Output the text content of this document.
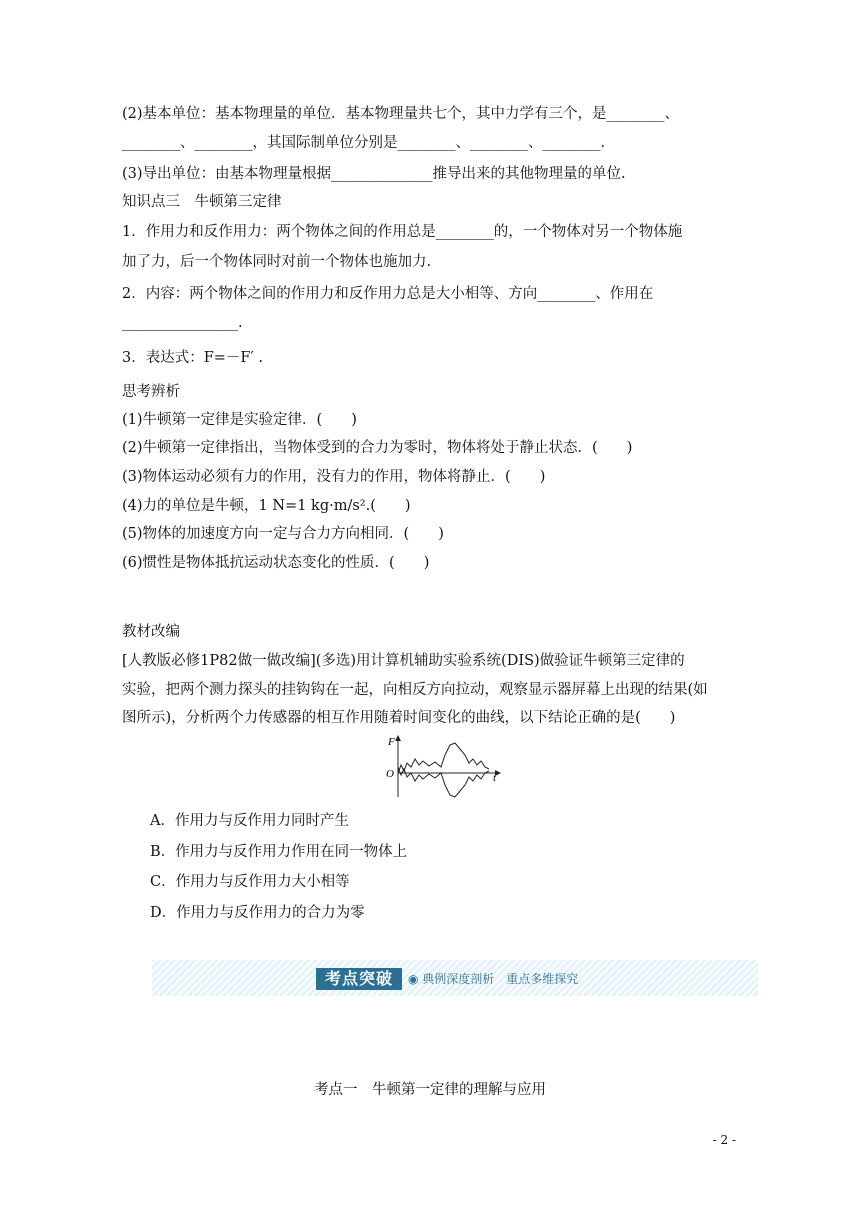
(2)基本单位：基本物理量的单位．基本物理量共七个，其中力学有三个，是________、
________、________，其国际制单位分别是________、________、________.
(3)导出单位：由基本物理量根据______________推导出来的其他物理量的单位.
知识点三　牛顿第三定律
1．作用力和反作用力：两个物体之间的作用总是________的，一个物体对另一个物体施
加了力，后一个物体同时对前一个物体也施加力.
2．内容：两个物体之间的作用力和反作用力总是大小相等、方向________、作用在
________________.
3．表达式：F=－F′ .
思考辨析
(1)牛顿第一定律是实验定律．(　　)
(2)牛顿第一定律指出，当物体受到的合力为零时，物体将处于静止状态．(　　)
(3)物体运动必须有力的作用，没有力的作用，物体将静止．(　　)
(4)力的单位是牛顿，1 N=1 kg·m/s².(　　)
(5)物体的加速度方向一定与合力方向相同．(　　)
(6)惯性是物体抵抗运动状态变化的性质．(　　)
教材改编
[人教版必修1P82做一做改编](多选)用计算机辅助实验系统(DIS)做验证牛顿第三定律的
实验，把两个测力探头的挂钩钩在一起，向相反方向拉动，观察显示器屏幕上出现的结果(如
图所示)，分析两个力传感器的相互作用随着时间变化的曲线，以下结论正确的是(　　)
F
O	t
A．作用力与反作用力同时产生
B．作用力与反作用力作用在同一物体上
C．作用力与反作用力大小相等
D．作用力与反作用力的合力为零
考点突破	◉ 典例深度剖析　重点多维探究
考点一　牛顿第一定律的理解与应用
- 2 -
